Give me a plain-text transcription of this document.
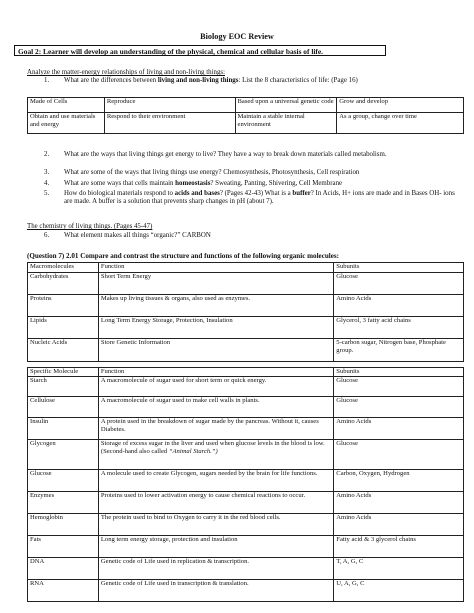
Biology EOC Review
Goal 2: Learner will develop an understanding of the physical, chemical and cellular basis of life.
Analyze the matter-energy relationships of living and non-living things:
1.	What are the differences between living and non-living things: List the 8 characteristics of life: (Page 16)
Made of Cells	Reproduce	Based upon a universal genetic code	Grow and develop
Obtain and use materials and energy	Respond to their environment	Maintain a stable internal environment	As a group, change over time
2.	What are the ways that living things get energy to live? They have a way to break down materials called metabolism.
3.	What are some of the ways that living things use energy? Chemosynthesis, Photosynthesis, Cell respiration
4.	What are some ways that cells maintain homeostasis? Sweating, Panting, Shivering, Cell Membrane
5.	How do biological materials respond to acids and bases? (Pages 42-43) What is a buffer? In Acids, H+ ions are made and in Bases OH- ions are made. A buffer is a solution that prevents sharp changes in pH (about 7).
The chemistry of living things. (Pages 45-47)
6.	What element makes all things “organic?” CARBON
(Question 7) 2.01 Compare and contrast the structure and functions of the following organic molecules:
Macromolecules	Function	Subunits
Carbohydrates	Short Term Energy	Glucose
Proteins	Makes up living tissues & organs, also used as enzymes.	Amino Acids
Lipids	Long Term Energy Storage, Protection, Insulation	Glycerol, 3 fatty acid chains
Nucleic Acids	Store Genetic Information	5-carbon sugar, Nitrogen base, Phosphate group.
Specific Molecule	Function	Subunits
Starch	A macromolecule of sugar used for short term or quick energy.	Glucose
Cellulose	A macromolecule of sugar used to make cell walls in plants.	Glucose
Insulin	A protein used in the breakdown of sugar made by the pancreas. Without it, causes Diabetes.	Amino Acids
Glycogen	Storage of excess sugar in the liver and used when glucose levels in the blood is low. (Second-hand also called “Animal Starch.”)	Glucose
Glucose	A molecule used to create Glycogen, sugars needed by the brain for life functions.	Carbon, Oxygen, Hydrogen
Enzymes	Proteins used to lower activation energy to cause chemical reactions to occur.	Amino Acids
Hemoglobin	The protein used to bind to Oxygen to carry it in the red blood cells.	Amino Acids
Fats	Long term energy storage, protection and insulation	Fatty acid & 3 glycerol chains
DNA	Genetic code of Life used in replication & transcription.	T, A, G, C
RNA	Genetic code of Life used in transcription & translation.	U, A, G, C
